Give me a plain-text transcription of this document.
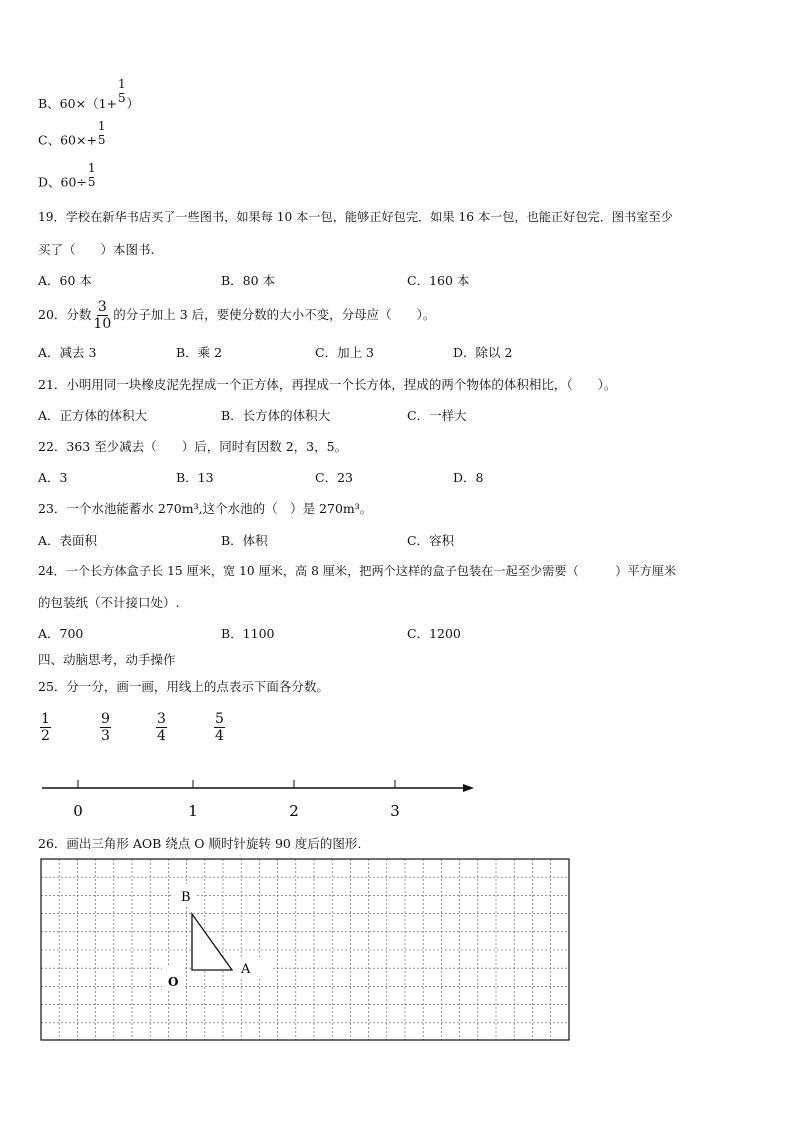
B、60×（1+
1
5 ）
C、60×+
1
5
D、60÷
1
5
19．学校在新华书店买了一些图书，如果每 10 本一包，能够正好包完．如果 16 本一包，也能正好包完．图书室至少
买了（　　）本图书.
A．60 本	B．80 本	C．160 本
20．分数 $\frac{3}{10}$ 的分子加上 3 后，要使分数的大小不变，分母应（　　）。
A．减去 3	B．乘 2	C．加上 3	D．除以 2
21．小明用同一块橡皮泥先捏成一个正方体，再捏成一个长方体，捏成的两个物体的体积相比，（　　）。
A．正方体的体积大	B．长方体的体积大	C．一样大
22．363 至少减去（　　）后，同时有因数 2，3，5。
A．3	B．13	C．23	D．8
23．一个水池能蓄水 270m³,这个水池的（　）是 270m³。
A．表面积	B．体积	C．容积
24．一个长方体盒子长 15 厘米，宽 10 厘米，高 8 厘米，把两个这样的盒子包装在一起至少需要（　　　）平方厘米
的包装纸（不计接口处）.
A．700	B．1100	C．1200
四、动脑思考，动手操作
25．分一分，画一画，用线上的点表示下面各分数。
$\frac{1}{2}$	$\frac{9}{3}$	$\frac{3}{4}$	$\frac{5}{4}$
0	1	2	3
26．画出三角形 AOB 绕点 O 顺时针旋转 90 度后的图形.
B
A
O
